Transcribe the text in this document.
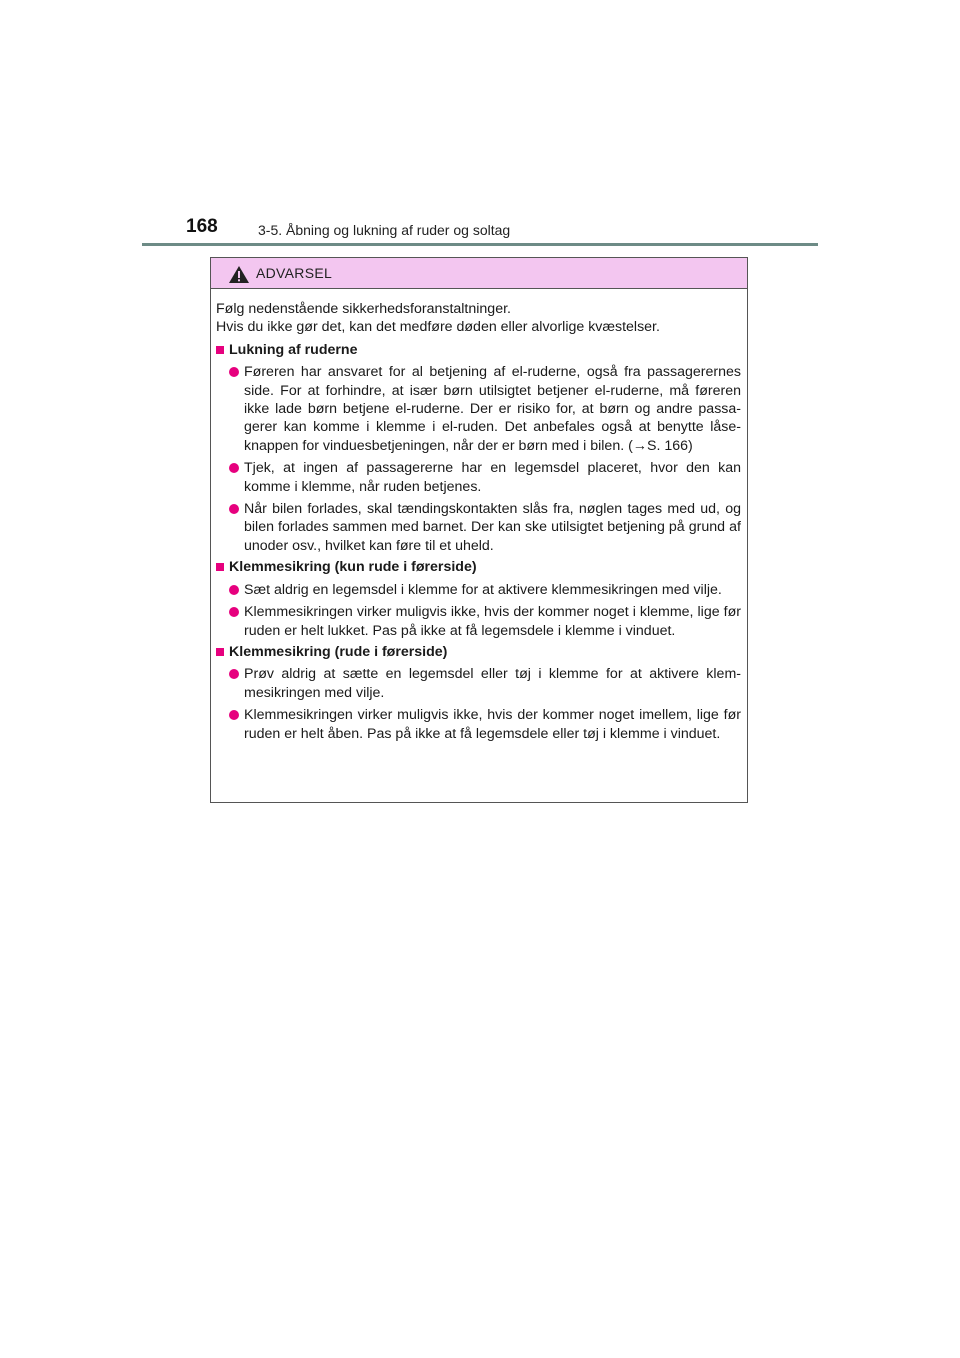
168	3-5. Åbning og lukning af ruder og soltag
ADVARSEL
Følg nedenstående sikkerhedsforanstaltninger.
Hvis du ikke gør det, kan det medføre døden eller alvorlige kvæstelser.
Lukning af ruderne
Føreren har ansvaret for al betjening af el-ruderne, også fra passagerernes side. For at forhindre, at især børn utilsigtet betjener el-ruderne, må føreren ikke lade børn betjene el-ruderne. Der er risiko for, at børn og andre passa-gerer kan komme i klemme i el-ruden. Det anbefales også at benytte låse-knappen for vinduesbetjeningen, når der er børn med i bilen. (→S. 166)
Tjek, at ingen af passagererne har en legemsdel placeret, hvor den kan komme i klemme, når ruden betjenes.
Når bilen forlades, skal tændingskontakten slås fra, nøglen tages med ud, og bilen forlades sammen med barnet. Der kan ske utilsigtet betjening på grund af unoder osv., hvilket kan føre til et uheld.
Klemmesikring (kun rude i førerside)
Sæt aldrig en legemsdel i klemme for at aktivere klemmesikringen med vilje.
Klemmesikringen virker muligvis ikke, hvis der kommer noget i klemme, lige før ruden er helt lukket. Pas på ikke at få legemsdele i klemme i vinduet.
Klemmesikring (rude i førerside)
Prøv aldrig at sætte en legemsdel eller tøj i klemme for at aktivere klem-mesikringen med vilje.
Klemmesikringen virker muligvis ikke, hvis der kommer noget imellem, lige før ruden er helt åben. Pas på ikke at få legemsdele eller tøj i klemme i vinduet.
